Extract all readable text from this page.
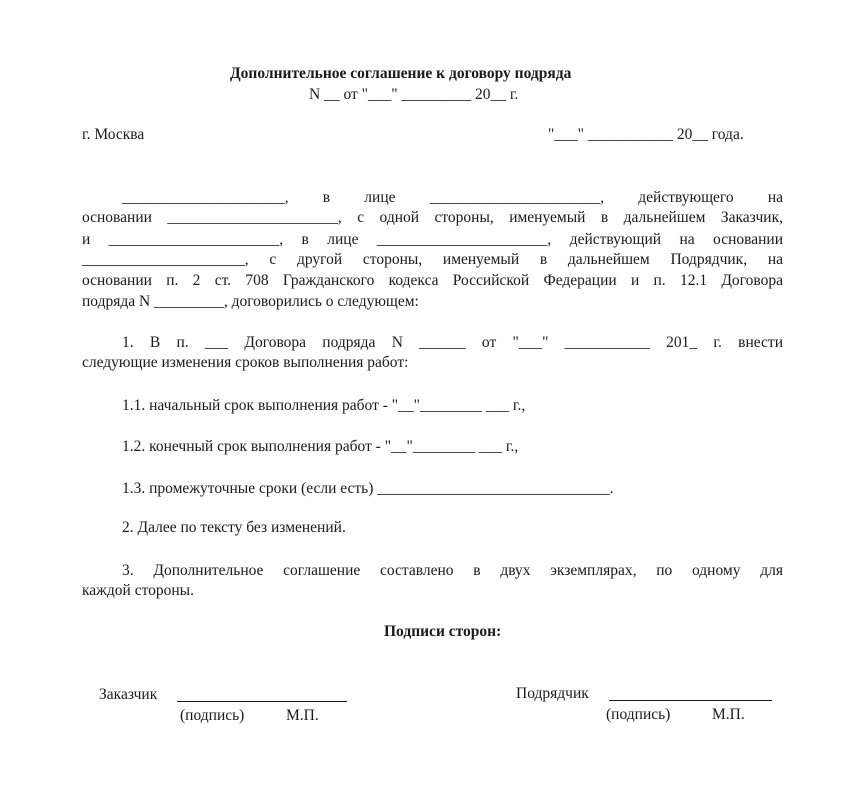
Дополнительное соглашение к договору подряда
N __ от "___" _________ 20__ г.
г. Москва	"___" ___________ 20__ года.
_____________________, в лице ______________________, действующего на
основании ______________________, с одной стороны, именуемый в дальнейшем Заказчик,
и ______________________, в лице ______________________, действующий на основании
_____________________, с другой стороны, именуемый в дальнейшем Подрядчик, на
основании п. 2 ст. 708 Гражданского кодекса Российской Федерации и п. 12.1 Договора
подряда N _________, договорились о следующем:
1. В п. ___ Договора подряда N ______ от "___" ___________ 201_ г. внести
следующие изменения сроков выполнения работ:
1.1. начальный срок выполнения работ - "__"________ ___ г.,
1.2. конечный срок выполнения работ - "__"________ ___ г.,
1.3. промежуточные сроки (если есть) ______________________________.
2. Далее по тексту без изменений.
3. Дополнительное соглашение составлено в двух экземплярах, по одному для
каждой стороны.
Подписи сторон:
Заказчик
(подпись)	М.П.
Подрядчик
(подпись)	М.П.
